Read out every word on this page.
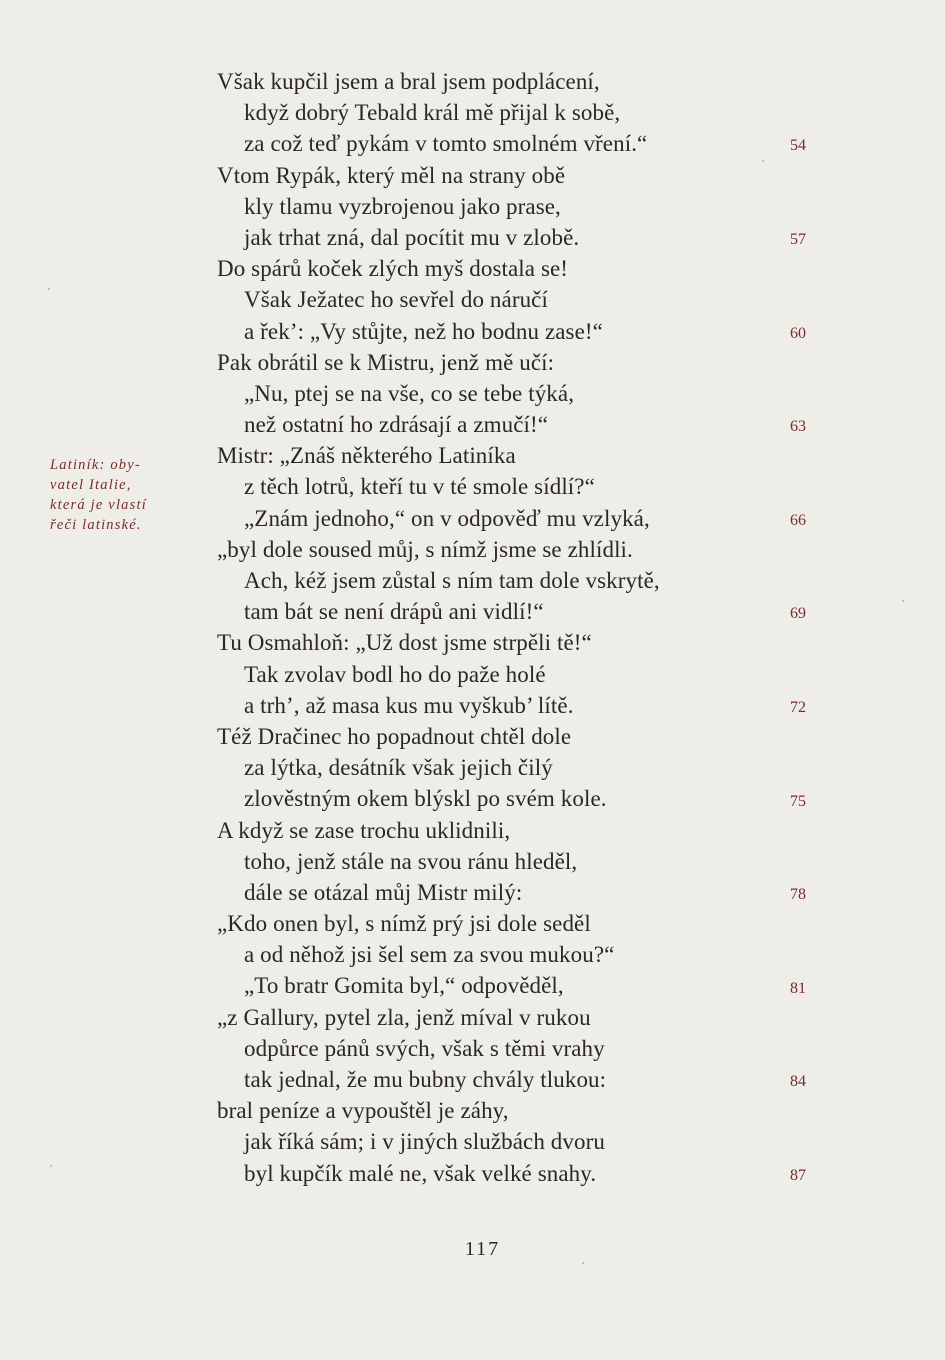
Latiník: oby-
vatel Italie,
která je vlastí
řeči latinské.
Však kupčil jsem a bral jsem podplácení,
když dobrý Tebald král mě přijal k sobě,
za což teď pykám v tomto smolném vření.“
Vtom Rypák, který měl na strany obě
kly tlamu vyzbrojenou jako prase,
jak trhat zná, dal pocítit mu v zlobě.
Do spárů koček zlých myš dostala se!
Však Ježatec ho sevřel do náručí
a řek’: „Vy stůjte, než ho bodnu zase!“
Pak obrátil se k Mistru, jenž mě učí:
„Nu, ptej se na vše, co se tebe týká,
než ostatní ho zdrásají a zmučí!“
Mistr: „Znáš některého Latiníka
z těch lotrů, kteří tu v té smole sídlí?“
„Znám jednoho,“ on v odpověď mu vzlyká,
„byl dole soused můj, s nímž jsme se zhlídli.
Ach, kéž jsem zůstal s ním tam dole vskrytě,
tam bát se není drápů ani vidlí!“
Tu Osmahloň: „Už dost jsme strpěli tě!“
Tak zvolav bodl ho do paže holé
a trh’, až masa kus mu vyškub’ lítě.
Též Dračinec ho popadnout chtěl dole
za lýtka, desátník však jejich čilý
zlověstným okem blýskl po svém kole.
A když se zase trochu uklidnili,
toho, jenž stále na svou ránu hleděl,
dále se otázal můj Mistr milý:
„Kdo onen byl, s nímž prý jsi dole seděl
a od něhož jsi šel sem za svou mukou?“
„To bratr Gomita byl,“ odpověděl,
„z Gallury, pytel zla, jenž míval v rukou
odpůrce pánů svých, však s těmi vrahy
tak jednal, že mu bubny chvály tlukou:
bral peníze a vypouštěl je záhy,
jak říká sám; i v jiných službách dvoru
byl kupčík malé ne, však velké snahy.
54
57
60
63
66
69
72
75
78
81
84
87
117
